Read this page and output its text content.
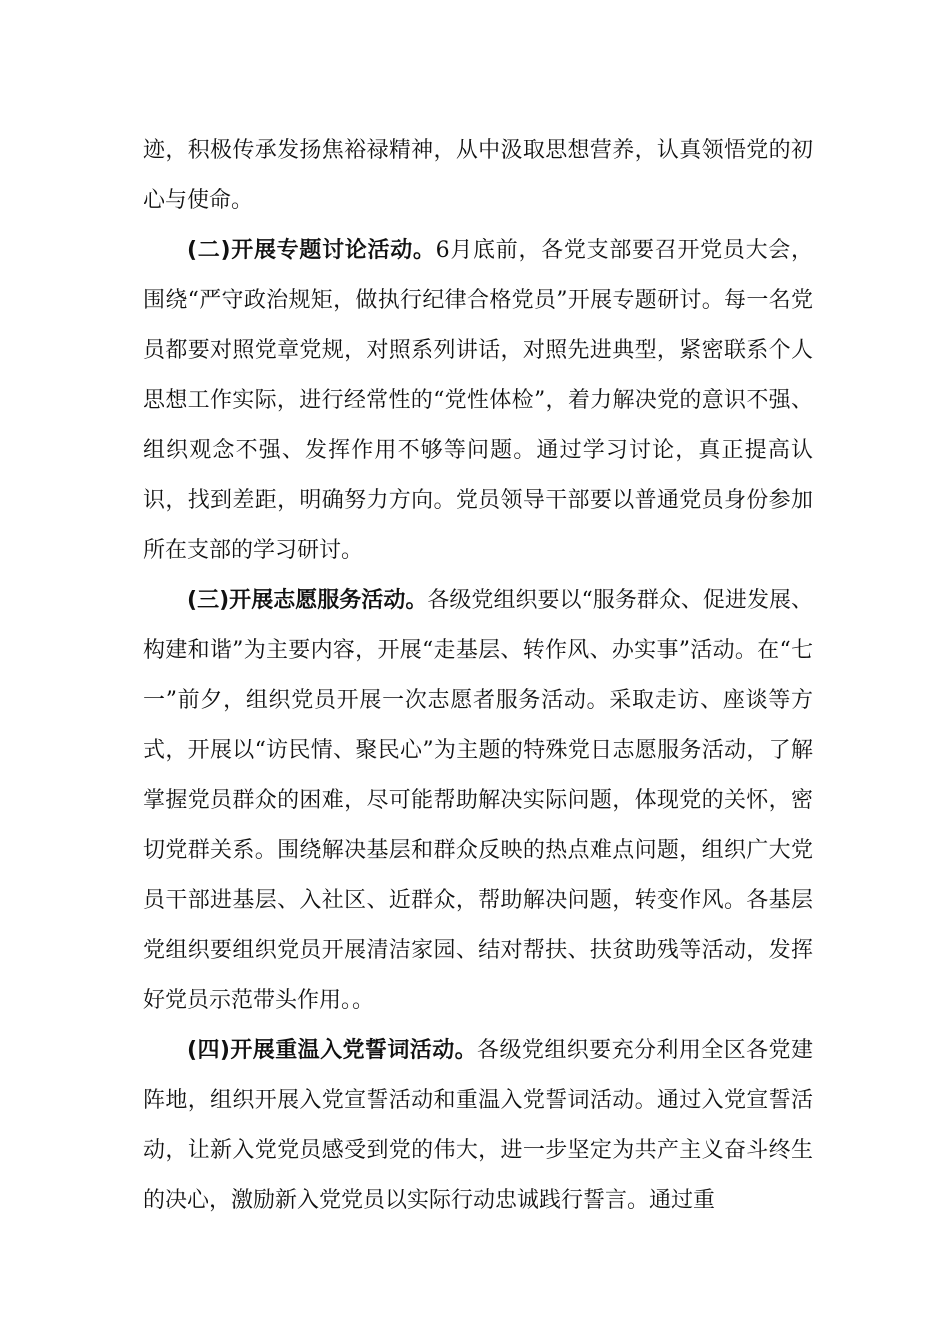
迹，积极传承发扬焦裕禄精神，从中汲取思想营养，认真领悟党的初心与使命。

(二)开展专题讨论活动。6月底前，各党支部要召开党员大会，围绕“严守政治规矩，做执行纪律合格党员”开展专题研讨。每一名党员都要对照党章党规，对照系列讲话，对照先进典型，紧密联系个人思想工作实际，进行经常性的“党性体检”，着力解决党的意识不强、组织观念不强、发挥作用不够等问题。通过学习讨论，真正提高认识，找到差距，明确努力方向。党员领导干部要以普通党员身份参加所在支部的学习研讨。

(三)开展志愿服务活动。各级党组织要以“服务群众、促进发展、构建和谐”为主要内容，开展“走基层、转作风、办实事”活动。在“七一”前夕，组织党员开展一次志愿者服务活动。采取走访、座谈等方式，开展以“访民情、聚民心”为主题的特殊党日志愿服务活动，了解掌握党员群众的困难，尽可能帮助解决实际问题，体现党的关怀，密切党群关系。围绕解决基层和群众反映的热点难点问题，组织广大党员干部进基层、入社区、近群众，帮助解决问题，转变作风。各基层党组织要组织党员开展清洁家园、结对帮扶、扶贫助残等活动，发挥好党员示范带头作用。。

(四)开展重温入党誓词活动。各级党组织要充分利用全区各党建阵地，组织开展入党宣誓活动和重温入党誓词活动。通过入党宣誓活动，让新入党党员感受到党的伟大，进一步坚定为共产主义奋斗终生的决心，激励新入党党员以实际行动忠诚践行誓言。通过重
